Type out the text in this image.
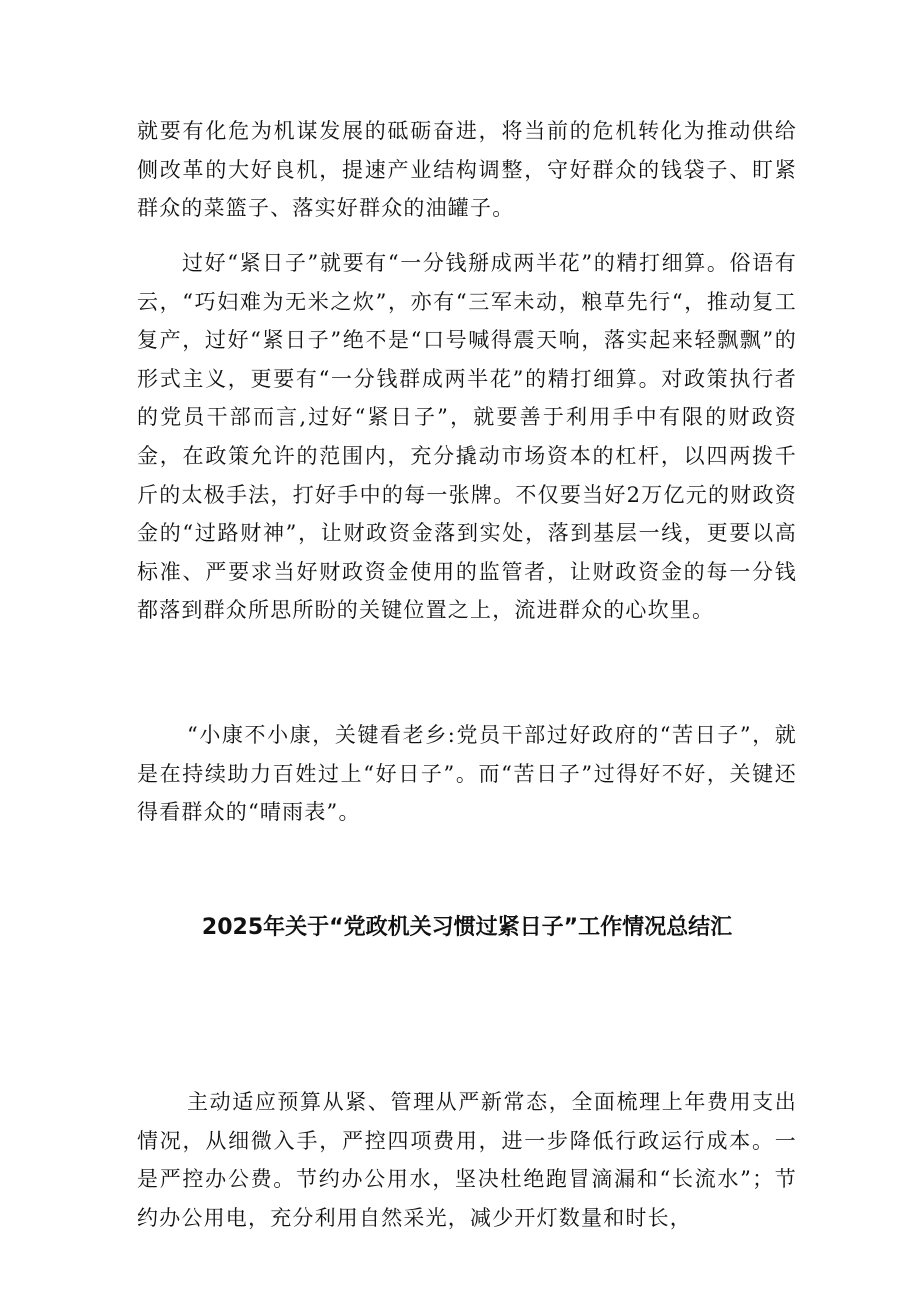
就要有化危为机谋发展的砥砺奋进，将当前的危机转化为推动供给侧改革的大好良机，提速产业结构调整，守好群众的钱袋子、盯紧群众的菜篮子、落实好群众的油罐子。

过好“紧日子”就要有“一分钱掰成两半花”的精打细算。俗语有云，“巧妇难为无米之炊”，亦有“三军未动，粮草先行“，推动复工复产，过好“紧日子”绝不是“口号喊得震天响，落实起来轻飘飘”的形式主义，更要有“一分钱群成两半花”的精打细算。对政策执行者的党员干部而言,过好“紧日子”，就要善于利用手中有限的财政资金，在政策允许的范围内，充分撬动市场资本的杠杆，以四两拨千斤的太极手法，打好手中的每一张牌。不仅要当好2万亿元的财政资金的“过路财神”，让财政资金落到实处，落到基层一线，更要以高标准、严要求当好财政资金使用的监管者，让财政资金的每一分钱都落到群众所思所盼的关键位置之上，流进群众的心坎里。

“小康不小康，关键看老乡:党员干部过好政府的“苦日子”，就是在持续助力百姓过上“好日子”。而“苦日子”过得好不好，关键还得看群众的“晴雨表”。

2025年关于“党政机关习惯过紧日子”工作情况总结汇

主动适应预算从紧、管理从严新常态，全面梳理上年费用支出情况，从细微入手，严控四项费用，进一步降低行政运行成本。一是严控办公费。节约办公用水，坚决杜绝跑冒滴漏和“长流水”；节约办公用电，充分利用自然采光，减少开灯数量和时长，
